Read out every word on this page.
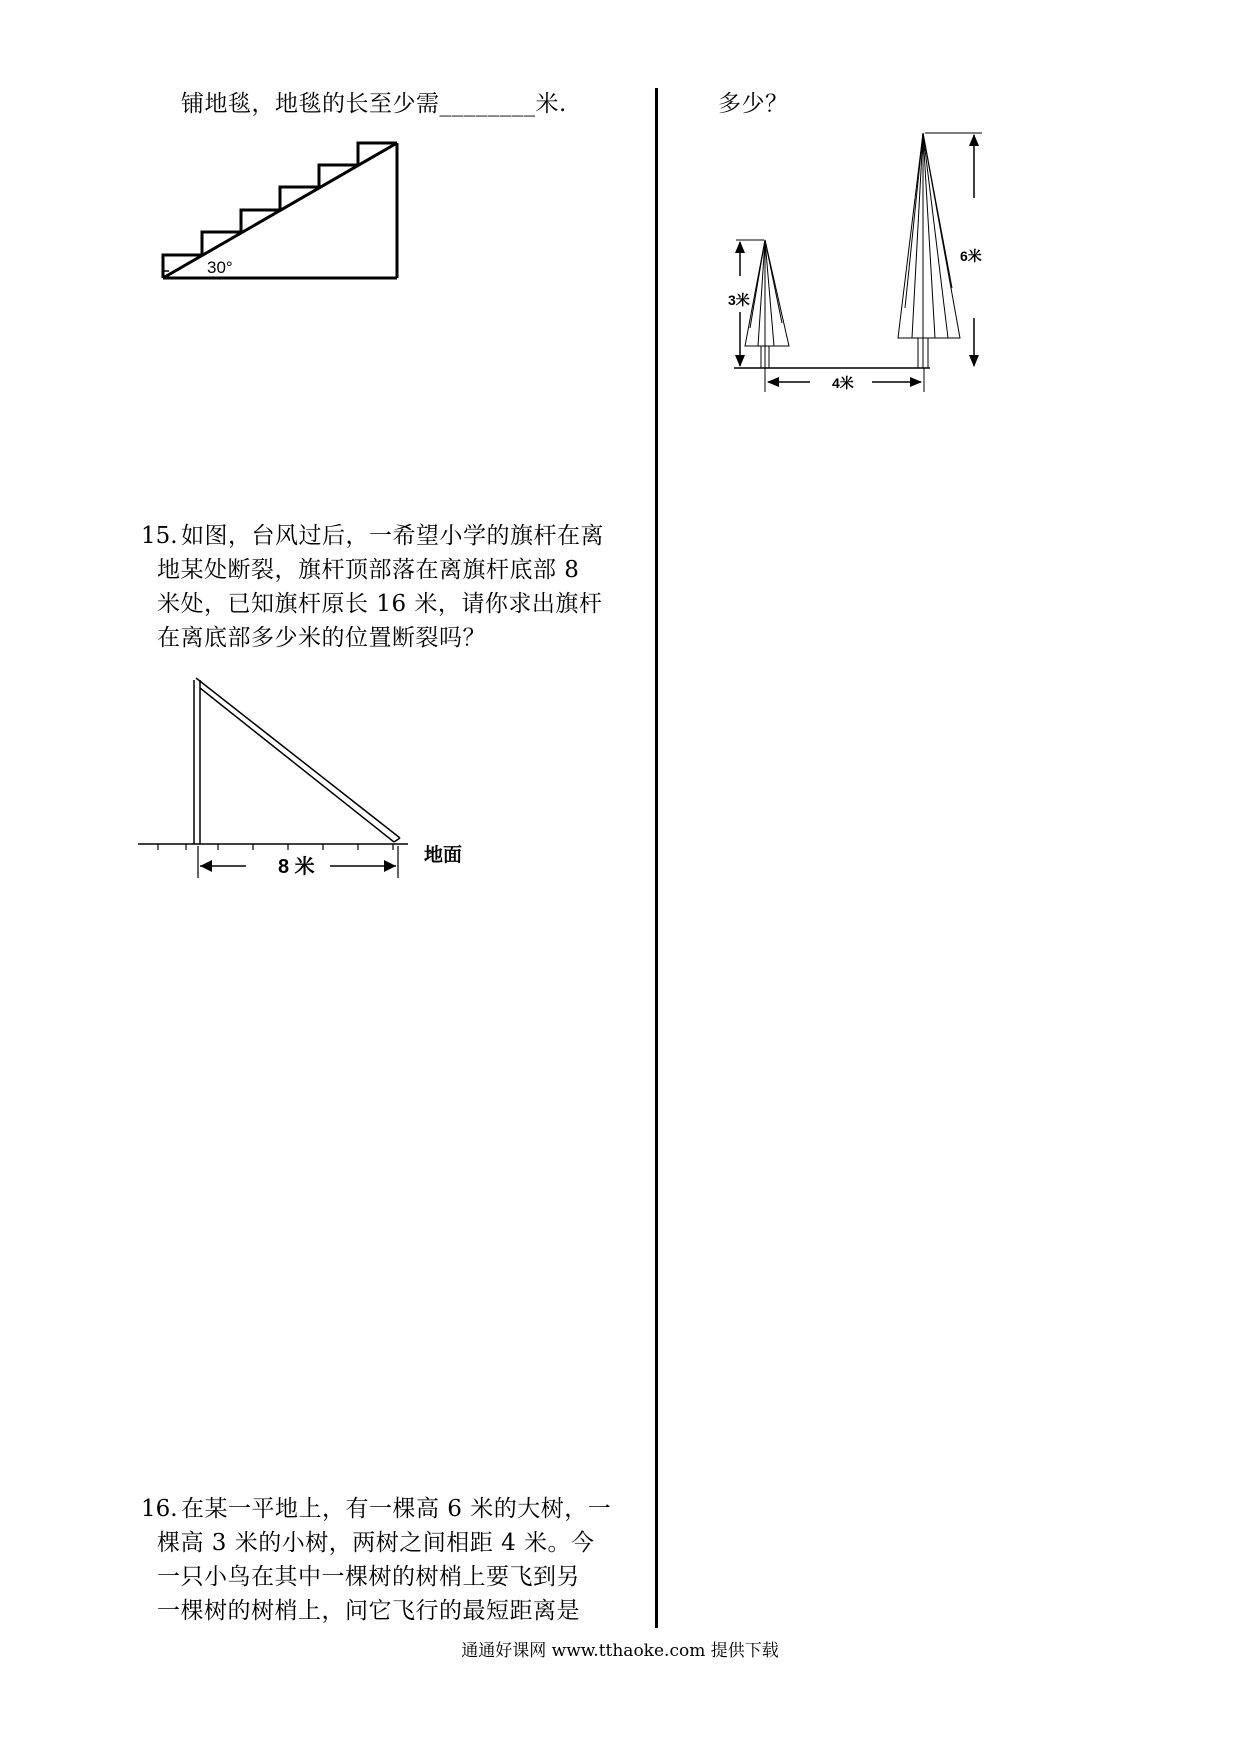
铺地毯，地毯的长至少需________米.
30°
15. 如图，台风过后，一希望小学的旗杆在离
地某处断裂，旗杆顶部落在离旗杆底部 8
米处，已知旗杆原长 16 米，请你求出旗杆
在离底部多少米的位置断裂吗？
8 米
地面
16. 在某一平地上，有一棵高 6 米的大树，一
棵高 3 米的小树，两树之间相距 4 米。今
一只小鸟在其中一棵树的树梢上要飞到另
一棵树的树梢上，问它飞行的最短距离是
多少？
3米
6米
4米
通通好课网 www.tthaoke.com 提供下载
